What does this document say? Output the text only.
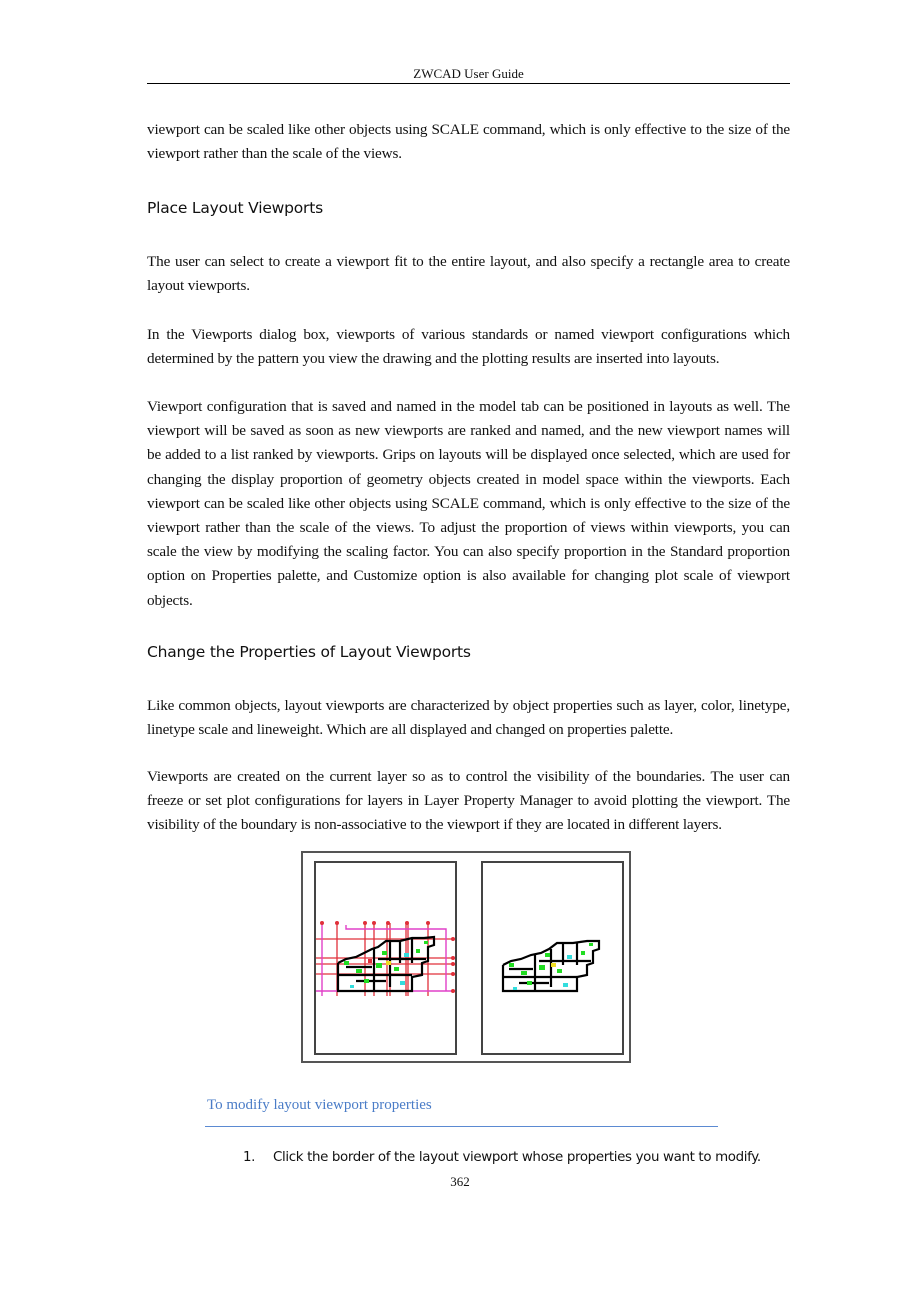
ZWCAD User Guide
viewport can be scaled like other objects using SCALE command, which is only effective to the size of the viewport rather than the scale of the views.
Place Layout Viewports
The user can select to create a viewport fit to the entire layout, and also specify a rectangle area to create layout viewports.
In the Viewports dialog box, viewports of various standards or named viewport configurations which determined by the pattern you view the drawing and the plotting results are inserted into layouts.
Viewport configuration that is saved and named in the model tab can be positioned in layouts as well. The viewport will be saved as soon as new viewports are ranked and named, and the new viewport names will be added to a list ranked by viewports. Grips on layouts will be displayed once selected, which are used for changing the display proportion of geometry objects created in model space within the viewports. Each viewport can be scaled like other objects using SCALE command, which is only effective to the size of the viewport rather than the scale of the views. To adjust the proportion of views within viewports, you can scale the view by modifying the scaling factor. You can also specify proportion in the Standard proportion option on Properties palette, and Customize option is also available for changing plot scale of viewport objects.
Change the Properties of Layout Viewports
Like common objects, layout viewports are characterized by object properties such as layer, color, linetype, linetype scale and lineweight. Which are all displayed and changed on properties palette.
Viewports are created on the current layer so as to control the visibility of the boundaries. The user can freeze or set plot configurations for layers in Layer Property Manager to avoid plotting the viewport. The visibility of the boundary is non-associative to the viewport if they are located in different layers.
To modify layout viewport properties
1. Click the border of the layout viewport whose properties you want to modify.
362
